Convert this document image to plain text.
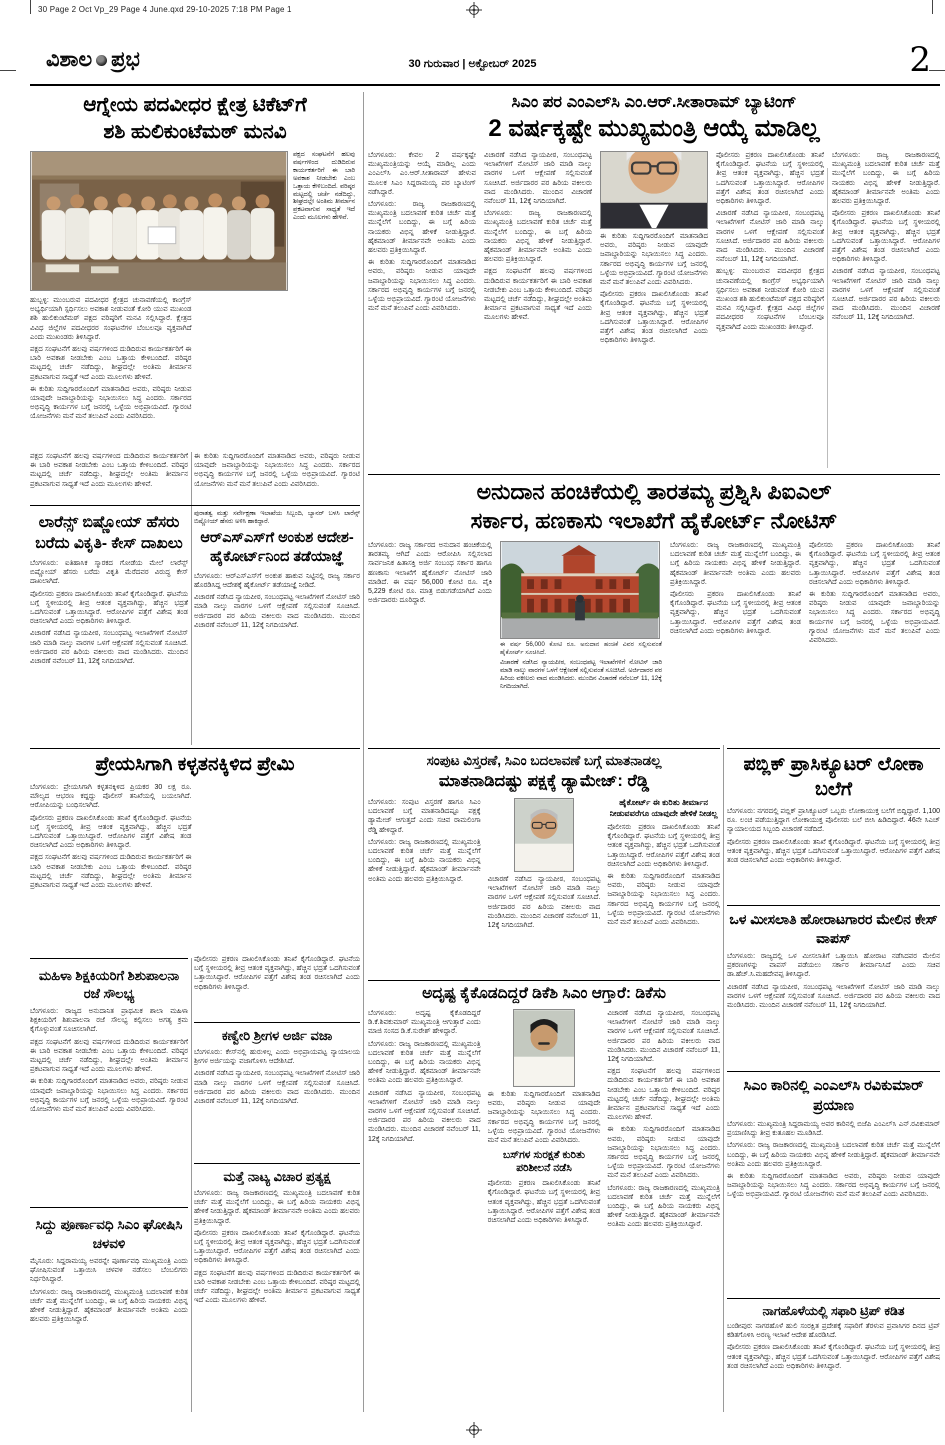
30 Page 2 Oct Vp_29 Page 4 June.qxd 29-10-2025 7:18 PM Page 1
ವಿಶಾಲ ಪ್ರಭ	30 ಗುರುವಾರ | ಅಕ್ಟೋಬರ್ 2025	2
ಆಗ್ನೇಯ ಪದವೀಧರ ಕ್ಷೇತ್ರ ಟಿಕೆಟ್‌ಗೆ
ಶಶಿ ಹುಲಿಕುಂಟೆಮಠ್ ಮನವಿ

ಪಕ್ಷದ ಸಂಘಟನೆಗೆ ಹಲವು ವರ್ಷಗಳಿಂದ ದುಡಿದಿರುವ ಕಾರ್ಯಕರ್ತರಿಗೆ ಈ ಬಾರಿ ಅವಕಾಶ ನೀಡಬೇಕು ಎಂಬ ಒತ್ತಾಯ ಕೇಳಿಬಂದಿದೆ. ವರಿಷ್ಠರ ಮಟ್ಟದಲ್ಲಿ ಚರ್ಚೆ ನಡೆದಿದ್ದು, ಶೀಘ್ರದಲ್ಲೇ ಅಂತಿಮ ತೀರ್ಮಾನ ಪ್ರಕಟವಾಗುವ ಸಾಧ್ಯತೆ ಇದೆ ಎಂದು ಮೂಲಗಳು ಹೇಳಿವೆ.

ಹುಬ್ಬಳ್ಳಿ: ಮುಂಬರುವ ಪದವೀಧರ ಕ್ಷೇತ್ರದ ಚುನಾವಣೆಯಲ್ಲಿ ಕಾಂಗ್ರೆಸ್ ಅಭ್ಯರ್ಥಿಯಾಗಿ ಸ್ಪರ್ಧಿಸಲು ಅವಕಾಶ ನೀಡುವಂತೆ ಕೋರಿ ಯುವ ಮುಖಂಡ ಶಶಿ ಹುಲಿಕುಂಟೆಮಠ್ ಪಕ್ಷದ ವರಿಷ್ಠರಿಗೆ ಮನವಿ ಸಲ್ಲಿಸಿದ್ದಾರೆ. ಕ್ಷೇತ್ರದ ವಿವಿಧ ಜಿಲ್ಲೆಗಳ ಪದವೀಧರರ ಸಂಘಟನೆಗಳ ಬೆಂಬಲವೂ ವ್ಯಕ್ತವಾಗಿದೆ ಎಂದು ಮುಖಂಡರು ತಿಳಿಸಿದ್ದಾರೆ.

ಪಕ್ಷದ ಸಂಘಟನೆಗೆ ಹಲವು ವರ್ಷಗಳಿಂದ ದುಡಿದಿರುವ ಕಾರ್ಯಕರ್ತರಿಗೆ ಈ ಬಾರಿ ಅವಕಾಶ ನೀಡಬೇಕು ಎಂಬ ಒತ್ತಾಯ ಕೇಳಿಬಂದಿದೆ. ವರಿಷ್ಠರ ಮಟ್ಟದಲ್ಲಿ ಚರ್ಚೆ ನಡೆದಿದ್ದು, ಶೀಘ್ರದಲ್ಲೇ ಅಂತಿಮ ತೀರ್ಮಾನ ಪ್ರಕಟವಾಗುವ ಸಾಧ್ಯತೆ ಇದೆ ಎಂದು ಮೂಲಗಳು ಹೇಳಿವೆ.

ಈ ಕುರಿತು ಸುದ್ದಿಗಾರರೊಂದಿಗೆ ಮಾತನಾಡಿದ ಅವರು, ವರಿಷ್ಠರು ನೀಡುವ ಯಾವುದೇ ಜವಾಬ್ದಾರಿಯನ್ನು ನಿಭಾಯಿಸಲು ಸಿದ್ಧ ಎಂದರು. ಸರ್ಕಾರದ ಅಭಿವೃದ್ಧಿ ಕಾರ್ಯಗಳ ಬಗ್ಗೆ ಜನರಲ್ಲಿ ಒಳ್ಳೆಯ ಅಭಿಪ್ರಾಯವಿದೆ. ಗ್ಯಾರಂಟಿ ಯೋಜನೆಗಳು ಮನೆ ಮನೆ ತಲುಪಿವೆ ಎಂದು ವಿವರಿಸಿದರು.

ಸಿಎಂ ಪರ ಎಂಎಲ್‌ಸಿ ಎಂ.ಆರ್.ಸೀತಾರಾಮ್ ಬ್ಯಾಟಿಂಗ್
2 ವರ್ಷಕ್ಕಷ್ಟೇ ಮುಖ್ಯಮಂತ್ರಿ ಆಯ್ಕೆ ಮಾಡಿಲ್ಲ

ಬೆಂಗಳೂರು: ಕೇವಲ 2 ವರ್ಷಕ್ಕಷ್ಟೇ ಮುಖ್ಯಮಂತ್ರಿಯನ್ನು ಆಯ್ಕೆ ಮಾಡಿಲ್ಲ ಎಂದು ಎಂಎಲ್‌ಸಿ ಎಂ.ಆರ್.ಸೀತಾರಾಮ್ ಹೇಳುವ ಮೂಲಕ ಸಿಎಂ ಸಿದ್ದರಾಮಯ್ಯ ಪರ ಬ್ಯಾಟಿಂಗ್ ನಡೆಸಿದ್ದಾರೆ.

ಬೆಂಗಳೂರು: ರಾಜ್ಯ ರಾಜಕಾರಣದಲ್ಲಿ ಮುಖ್ಯಮಂತ್ರಿ ಬದಲಾವಣೆ ಕುರಿತ ಚರ್ಚೆ ಮತ್ತೆ ಮುನ್ನೆಲೆಗೆ ಬಂದಿದ್ದು, ಈ ಬಗ್ಗೆ ಹಿರಿಯ ನಾಯಕರು ವಿಭಿನ್ನ ಹೇಳಿಕೆ ನೀಡುತ್ತಿದ್ದಾರೆ. ಹೈಕಮಾಂಡ್ ತೀರ್ಮಾನವೇ ಅಂತಿಮ ಎಂದು ಹಲವರು ಪ್ರತಿಕ್ರಿಯಿಸಿದ್ದಾರೆ.

ಈ ಕುರಿತು ಸುದ್ದಿಗಾರರೊಂದಿಗೆ ಮಾತನಾಡಿದ ಅವರು, ವರಿಷ್ಠರು ನೀಡುವ ಯಾವುದೇ ಜವಾಬ್ದಾರಿಯನ್ನು ನಿಭಾಯಿಸಲು ಸಿದ್ಧ ಎಂದರು. ಸರ್ಕಾರದ ಅಭಿವೃದ್ಧಿ ಕಾರ್ಯಗಳ ಬಗ್ಗೆ ಜನರಲ್ಲಿ ಒಳ್ಳೆಯ ಅಭಿಪ್ರಾಯವಿದೆ. ಗ್ಯಾರಂಟಿ ಯೋಜನೆಗಳು ಮನೆ ಮನೆ ತಲುಪಿವೆ ಎಂದು ವಿವರಿಸಿದರು.

ವಿಚಾರಣೆ ನಡೆಸಿದ ನ್ಯಾಯಪೀಠ, ಸಂಬಂಧಪಟ್ಟ ಇಲಾಖೆಗಳಿಗೆ ನೋಟಿಸ್ ಜಾರಿ ಮಾಡಿ ನಾಲ್ಕು ವಾರಗಳ ಒಳಗೆ ಆಕ್ಷೇಪಣೆ ಸಲ್ಲಿಸುವಂತೆ ಸೂಚಿಸಿದೆ. ಅರ್ಜಿದಾರರ ಪರ ಹಿರಿಯ ವಕೀಲರು ವಾದ ಮಂಡಿಸಿದರು. ಮುಂದಿನ ವಿಚಾರಣೆ ನವೆಂಬರ್ 11, 12ಕ್ಕೆ ನಿಗದಿಯಾಗಿದೆ.

ಬೆಂಗಳೂರು: ರಾಜ್ಯ ರಾಜಕಾರಣದಲ್ಲಿ ಮುಖ್ಯಮಂತ್ರಿ ಬದಲಾವಣೆ ಕುರಿತ ಚರ್ಚೆ ಮತ್ತೆ ಮುನ್ನೆಲೆಗೆ ಬಂದಿದ್ದು, ಈ ಬಗ್ಗೆ ಹಿರಿಯ ನಾಯಕರು ವಿಭಿನ್ನ ಹೇಳಿಕೆ ನೀಡುತ್ತಿದ್ದಾರೆ. ಹೈಕಮಾಂಡ್ ತೀರ್ಮಾನವೇ ಅಂತಿಮ ಎಂದು ಹಲವರು ಪ್ರತಿಕ್ರಿಯಿಸಿದ್ದಾರೆ.

ಪಕ್ಷದ ಸಂಘಟನೆಗೆ ಹಲವು ವರ್ಷಗಳಿಂದ ದುಡಿದಿರುವ ಕಾರ್ಯಕರ್ತರಿಗೆ ಈ ಬಾರಿ ಅವಕಾಶ ನೀಡಬೇಕು ಎಂಬ ಒತ್ತಾಯ ಕೇಳಿಬಂದಿದೆ. ವರಿಷ್ಠರ ಮಟ್ಟದಲ್ಲಿ ಚರ್ಚೆ ನಡೆದಿದ್ದು, ಶೀಘ್ರದಲ್ಲೇ ಅಂತಿಮ ತೀರ್ಮಾನ ಪ್ರಕಟವಾಗುವ ಸಾಧ್ಯತೆ ಇದೆ ಎಂದು ಮೂಲಗಳು ಹೇಳಿವೆ.

ಈ ಕುರಿತು ಸುದ್ದಿಗಾರರೊಂದಿಗೆ ಮಾತನಾಡಿದ ಅವರು, ವರಿಷ್ಠರು ನೀಡುವ ಯಾವುದೇ ಜವಾಬ್ದಾರಿಯನ್ನು ನಿಭಾಯಿಸಲು ಸಿದ್ಧ ಎಂದರು. ಸರ್ಕಾರದ ಅಭಿವೃದ್ಧಿ ಕಾರ್ಯಗಳ ಬಗ್ಗೆ ಜನರಲ್ಲಿ ಒಳ್ಳೆಯ ಅಭಿಪ್ರಾಯವಿದೆ. ಗ್ಯಾರಂಟಿ ಯೋಜನೆಗಳು ಮನೆ ಮನೆ ತಲುಪಿವೆ ಎಂದು ವಿವರಿಸಿದರು.

ಪೊಲೀಸರು ಪ್ರಕರಣ ದಾಖಲಿಸಿಕೊಂಡು ತನಿಖೆ ಕೈಗೊಂಡಿದ್ದಾರೆ. ಘಟನೆಯ ಬಗ್ಗೆ ಸ್ಥಳೀಯರಲ್ಲಿ ತೀವ್ರ ಆತಂಕ ವ್ಯಕ್ತವಾಗಿದ್ದು, ಹೆಚ್ಚಿನ ಭದ್ರತೆ ಒದಗಿಸುವಂತೆ ಒತ್ತಾಯಿಸಿದ್ದಾರೆ. ಆರೋಪಿಗಳ ಪತ್ತೆಗೆ ವಿಶೇಷ ತಂಡ ರಚಿಸಲಾಗಿದೆ ಎಂದು ಅಧಿಕಾರಿಗಳು ತಿಳಿಸಿದ್ದಾರೆ.

ಪೊಲೀಸರು ಪ್ರಕರಣ ದಾಖಲಿಸಿಕೊಂಡು ತನಿಖೆ ಕೈಗೊಂಡಿದ್ದಾರೆ. ಘಟನೆಯ ಬಗ್ಗೆ ಸ್ಥಳೀಯರಲ್ಲಿ ತೀವ್ರ ಆತಂಕ ವ್ಯಕ್ತವಾಗಿದ್ದು, ಹೆಚ್ಚಿನ ಭದ್ರತೆ ಒದಗಿಸುವಂತೆ ಒತ್ತಾಯಿಸಿದ್ದಾರೆ. ಆರೋಪಿಗಳ ಪತ್ತೆಗೆ ವಿಶೇಷ ತಂಡ ರಚಿಸಲಾಗಿದೆ ಎಂದು ಅಧಿಕಾರಿಗಳು ತಿಳಿಸಿದ್ದಾರೆ.

ವಿಚಾರಣೆ ನಡೆಸಿದ ನ್ಯಾಯಪೀಠ, ಸಂಬಂಧಪಟ್ಟ ಇಲಾಖೆಗಳಿಗೆ ನೋಟಿಸ್ ಜಾರಿ ಮಾಡಿ ನಾಲ್ಕು ವಾರಗಳ ಒಳಗೆ ಆಕ್ಷೇಪಣೆ ಸಲ್ಲಿಸುವಂತೆ ಸೂಚಿಸಿದೆ. ಅರ್ಜಿದಾರರ ಪರ ಹಿರಿಯ ವಕೀಲರು ವಾದ ಮಂಡಿಸಿದರು. ಮುಂದಿನ ವಿಚಾರಣೆ ನವೆಂಬರ್ 11, 12ಕ್ಕೆ ನಿಗದಿಯಾಗಿದೆ.

ಹುಬ್ಬಳ್ಳಿ: ಮುಂಬರುವ ಪದವೀಧರ ಕ್ಷೇತ್ರದ ಚುನಾವಣೆಯಲ್ಲಿ ಕಾಂಗ್ರೆಸ್ ಅಭ್ಯರ್ಥಿಯಾಗಿ ಸ್ಪರ್ಧಿಸಲು ಅವಕಾಶ ನೀಡುವಂತೆ ಕೋರಿ ಯುವ ಮುಖಂಡ ಶಶಿ ಹುಲಿಕುಂಟೆಮಠ್ ಪಕ್ಷದ ವರಿಷ್ಠರಿಗೆ ಮನವಿ ಸಲ್ಲಿಸಿದ್ದಾರೆ. ಕ್ಷೇತ್ರದ ವಿವಿಧ ಜಿಲ್ಲೆಗಳ ಪದವೀಧರರ ಸಂಘಟನೆಗಳ ಬೆಂಬಲವೂ ವ್ಯಕ್ತವಾಗಿದೆ ಎಂದು ಮುಖಂಡರು ತಿಳಿಸಿದ್ದಾರೆ.

ಬೆಂಗಳೂರು: ರಾಜ್ಯ ರಾಜಕಾರಣದಲ್ಲಿ ಮುಖ್ಯಮಂತ್ರಿ ಬದಲಾವಣೆ ಕುರಿತ ಚರ್ಚೆ ಮತ್ತೆ ಮುನ್ನೆಲೆಗೆ ಬಂದಿದ್ದು, ಈ ಬಗ್ಗೆ ಹಿರಿಯ ನಾಯಕರು ವಿಭಿನ್ನ ಹೇಳಿಕೆ ನೀಡುತ್ತಿದ್ದಾರೆ. ಹೈಕಮಾಂಡ್ ತೀರ್ಮಾನವೇ ಅಂತಿಮ ಎಂದು ಹಲವರು ಪ್ರತಿಕ್ರಿಯಿಸಿದ್ದಾರೆ.

ಪೊಲೀಸರು ಪ್ರಕರಣ ದಾಖಲಿಸಿಕೊಂಡು ತನಿಖೆ ಕೈಗೊಂಡಿದ್ದಾರೆ. ಘಟನೆಯ ಬಗ್ಗೆ ಸ್ಥಳೀಯರಲ್ಲಿ ತೀವ್ರ ಆತಂಕ ವ್ಯಕ್ತವಾಗಿದ್ದು, ಹೆಚ್ಚಿನ ಭದ್ರತೆ ಒದಗಿಸುವಂತೆ ಒತ್ತಾಯಿಸಿದ್ದಾರೆ. ಆರೋಪಿಗಳ ಪತ್ತೆಗೆ ವಿಶೇಷ ತಂಡ ರಚಿಸಲಾಗಿದೆ ಎಂದು ಅಧಿಕಾರಿಗಳು ತಿಳಿಸಿದ್ದಾರೆ.

ವಿಚಾರಣೆ ನಡೆಸಿದ ನ್ಯಾಯಪೀಠ, ಸಂಬಂಧಪಟ್ಟ ಇಲಾಖೆಗಳಿಗೆ ನೋಟಿಸ್ ಜಾರಿ ಮಾಡಿ ನಾಲ್ಕು ವಾರಗಳ ಒಳಗೆ ಆಕ್ಷೇಪಣೆ ಸಲ್ಲಿಸುವಂತೆ ಸೂಚಿಸಿದೆ. ಅರ್ಜಿದಾರರ ಪರ ಹಿರಿಯ ವಕೀಲರು ವಾದ ಮಂಡಿಸಿದರು. ಮುಂದಿನ ವಿಚಾರಣೆ ನವೆಂಬರ್ 11, 12ಕ್ಕೆ ನಿಗದಿಯಾಗಿದೆ.

ಪಕ್ಷದ ಸಂಘಟನೆಗೆ ಹಲವು ವರ್ಷಗಳಿಂದ ದುಡಿದಿರುವ ಕಾರ್ಯಕರ್ತರಿಗೆ ಈ ಬಾರಿ ಅವಕಾಶ ನೀಡಬೇಕು ಎಂಬ ಒತ್ತಾಯ ಕೇಳಿಬಂದಿದೆ. ವರಿಷ್ಠರ ಮಟ್ಟದಲ್ಲಿ ಚರ್ಚೆ ನಡೆದಿದ್ದು, ಶೀಘ್ರದಲ್ಲೇ ಅಂತಿಮ ತೀರ್ಮಾನ ಪ್ರಕಟವಾಗುವ ಸಾಧ್ಯತೆ ಇದೆ ಎಂದು ಮೂಲಗಳು ಹೇಳಿವೆ.

ಲಾರೆನ್ಸ್ ಬಿಷ್ಣೋಯ್ ಹೆಸರು ಬರೆದು ವಿಕೃತಿ- ಕೇಸ್ ದಾಖಲು

ಬೆಂಗಳೂರು: ಐತಿಹಾಸಿಕ ಸ್ಮಾರಕದ ಗೋಡೆಯ ಮೇಲೆ ಲಾರೆನ್ಸ್ ಬಿಷ್ಣೋಯ್ ಹೆಸರು ಬರೆದು ವಿಕೃತಿ ಮೆರೆದವರ ವಿರುದ್ಧ ಕೇಸ್ ದಾಖಲಾಗಿದೆ.

ಪೊಲೀಸರು ಪ್ರಕರಣ ದಾಖಲಿಸಿಕೊಂಡು ತನಿಖೆ ಕೈಗೊಂಡಿದ್ದಾರೆ. ಘಟನೆಯ ಬಗ್ಗೆ ಸ್ಥಳೀಯರಲ್ಲಿ ತೀವ್ರ ಆತಂಕ ವ್ಯಕ್ತವಾಗಿದ್ದು, ಹೆಚ್ಚಿನ ಭದ್ರತೆ ಒದಗಿಸುವಂತೆ ಒತ್ತಾಯಿಸಿದ್ದಾರೆ. ಆರೋಪಿಗಳ ಪತ್ತೆಗೆ ವಿಶೇಷ ತಂಡ ರಚಿಸಲಾಗಿದೆ ಎಂದು ಅಧಿಕಾರಿಗಳು ತಿಳಿಸಿದ್ದಾರೆ.

ವಿಚಾರಣೆ ನಡೆಸಿದ ನ್ಯಾಯಪೀಠ, ಸಂಬಂಧಪಟ್ಟ ಇಲಾಖೆಗಳಿಗೆ ನೋಟಿಸ್ ಜಾರಿ ಮಾಡಿ ನಾಲ್ಕು ವಾರಗಳ ಒಳಗೆ ಆಕ್ಷೇಪಣೆ ಸಲ್ಲಿಸುವಂತೆ ಸೂಚಿಸಿದೆ. ಅರ್ಜಿದಾರರ ಪರ ಹಿರಿಯ ವಕೀಲರು ವಾದ ಮಂಡಿಸಿದರು. ಮುಂದಿನ ವಿಚಾರಣೆ ನವೆಂಬರ್ 11, 12ಕ್ಕೆ ನಿಗದಿಯಾಗಿದೆ.

ಈ ಕುರಿತು ಸುದ್ದಿಗಾರರೊಂದಿಗೆ ಮಾತನಾಡಿದ ಅವರು, ವರಿಷ್ಠರು ನೀಡುವ ಯಾವುದೇ ಜವಾಬ್ದಾರಿಯನ್ನು ನಿಭಾಯಿಸಲು ಸಿದ್ಧ ಎಂದರು. ಸರ್ಕಾರದ ಅಭಿವೃದ್ಧಿ ಕಾರ್ಯಗಳ ಬಗ್ಗೆ ಜನರಲ್ಲಿ ಒಳ್ಳೆಯ ಅಭಿಪ್ರಾಯವಿದೆ. ಗ್ಯಾರಂಟಿ ಯೋಜನೆಗಳು ಮನೆ ಮನೆ ತಲುಪಿವೆ ಎಂದು ವಿವರಿಸಿದರು.

ಪುರಾತತ್ವ ಮತ್ತು ಸರ್ವೇಕ್ಷಣಾ ಇಲಾಖೆಯ ಸಿಬ್ಬಂದಿ, ಬ್ಯಾನರ್ ಬಳಸಿ ಲಾರೆನ್ಸ್ ಬಿಷ್ಣೋಯ್ ಹೆಸರು ಅಳಿಸಿ ಹಾಕಿದ್ದಾರೆ.

ಆರ್‌ಎಸ್‌ಎಸ್‌ಗೆ ಅಂಕುಶ ಆದೇಶ- ಹೈಕೋರ್ಟ್‌ನಿಂದ ತಡೆಯಾಜ್ಞೆ

ಬೆಂಗಳೂರು: ಆರ್‌ಎಸ್‌ಎಸ್‌ಗೆ ಅಂಕುಶ ಹಾಕುವ ನಿಟ್ಟಿನಲ್ಲಿ ರಾಜ್ಯ ಸರ್ಕಾರ ಹೊರಡಿಸಿದ್ದ ಆದೇಶಕ್ಕೆ ಹೈಕೋರ್ಟ್ ತಡೆಯಾಜ್ಞೆ ನೀಡಿದೆ.

ವಿಚಾರಣೆ ನಡೆಸಿದ ನ್ಯಾಯಪೀಠ, ಸಂಬಂಧಪಟ್ಟ ಇಲಾಖೆಗಳಿಗೆ ನೋಟಿಸ್ ಜಾರಿ ಮಾಡಿ ನಾಲ್ಕು ವಾರಗಳ ಒಳಗೆ ಆಕ್ಷೇಪಣೆ ಸಲ್ಲಿಸುವಂತೆ ಸೂಚಿಸಿದೆ. ಅರ್ಜಿದಾರರ ಪರ ಹಿರಿಯ ವಕೀಲರು ವಾದ ಮಂಡಿಸಿದರು. ಮುಂದಿನ ವಿಚಾರಣೆ ನವೆಂಬರ್ 11, 12ಕ್ಕೆ ನಿಗದಿಯಾಗಿದೆ.

ಅನುದಾನ ಹಂಚಿಕೆಯಲ್ಲಿ ತಾರತಮ್ಯ ಪ್ರಶ್ನಿಸಿ ಪಿಐಎಲ್
ಸರ್ಕಾರ, ಹಣಕಾಸು ಇಲಾಖೆಗೆ ಹೈಕೋರ್ಟ್ ನೋಟಿಸ್

ಬೆಂಗಳೂರು: ರಾಜ್ಯ ಸರ್ಕಾರದ ಅನುದಾನ ಹಂಚಿಕೆಯಲ್ಲಿ ತಾರತಮ್ಯ ಆಗಿದೆ ಎಂದು ಆರೋಪಿಸಿ ಸಲ್ಲಿಸಲಾದ ಸಾರ್ವಜನಿಕ ಹಿತಾಸಕ್ತಿ ಅರ್ಜಿ ಸಂಬಂಧ ಸರ್ಕಾರ ಹಾಗೂ ಹಣಕಾಸು ಇಲಾಖೆಗೆ ಹೈಕೋರ್ಟ್ ನೋಟಿಸ್ ಜಾರಿ ಮಾಡಿದೆ. ಈ ವರ್ಷ 56,000 ಕೋಟಿ ರೂ. ಪೈಕಿ 5,229 ಕೋಟಿ ರೂ. ಮಾತ್ರ ಬಿಡುಗಡೆಯಾಗಿದೆ ಎಂದು ಅರ್ಜಿದಾರರು ದೂರಿದ್ದಾರೆ.

ಈ ವರ್ಷ 56,000 ಕೋಟಿ ರೂ. ಅನುದಾನ ಹಂಚಿಕೆ ವಿವರ ಸಲ್ಲಿಸುವಂತೆ ಹೈಕೋರ್ಟ್ ಸೂಚಿಸಿದೆ.

ವಿಚಾರಣೆ ನಡೆಸಿದ ನ್ಯಾಯಪೀಠ, ಸಂಬಂಧಪಟ್ಟ ಇಲಾಖೆಗಳಿಗೆ ನೋಟಿಸ್ ಜಾರಿ ಮಾಡಿ ನಾಲ್ಕು ವಾರಗಳ ಒಳಗೆ ಆಕ್ಷೇಪಣೆ ಸಲ್ಲಿಸುವಂತೆ ಸೂಚಿಸಿದೆ. ಅರ್ಜಿದಾರರ ಪರ ಹಿರಿಯ ವಕೀಲರು ವಾದ ಮಂಡಿಸಿದರು. ಮುಂದಿನ ವಿಚಾರಣೆ ನವೆಂಬರ್ 11, 12ಕ್ಕೆ ನಿಗದಿಯಾಗಿದೆ.

ಬೆಂಗಳೂರು: ರಾಜ್ಯ ರಾಜಕಾರಣದಲ್ಲಿ ಮುಖ್ಯಮಂತ್ರಿ ಬದಲಾವಣೆ ಕುರಿತ ಚರ್ಚೆ ಮತ್ತೆ ಮುನ್ನೆಲೆಗೆ ಬಂದಿದ್ದು, ಈ ಬಗ್ಗೆ ಹಿರಿಯ ನಾಯಕರು ವಿಭಿನ್ನ ಹೇಳಿಕೆ ನೀಡುತ್ತಿದ್ದಾರೆ. ಹೈಕಮಾಂಡ್ ತೀರ್ಮಾನವೇ ಅಂತಿಮ ಎಂದು ಹಲವರು ಪ್ರತಿಕ್ರಿಯಿಸಿದ್ದಾರೆ.

ಪೊಲೀಸರು ಪ್ರಕರಣ ದಾಖಲಿಸಿಕೊಂಡು ತನಿಖೆ ಕೈಗೊಂಡಿದ್ದಾರೆ. ಘಟನೆಯ ಬಗ್ಗೆ ಸ್ಥಳೀಯರಲ್ಲಿ ತೀವ್ರ ಆತಂಕ ವ್ಯಕ್ತವಾಗಿದ್ದು, ಹೆಚ್ಚಿನ ಭದ್ರತೆ ಒದಗಿಸುವಂತೆ ಒತ್ತಾಯಿಸಿದ್ದಾರೆ. ಆರೋಪಿಗಳ ಪತ್ತೆಗೆ ವಿಶೇಷ ತಂಡ ರಚಿಸಲಾಗಿದೆ ಎಂದು ಅಧಿಕಾರಿಗಳು ತಿಳಿಸಿದ್ದಾರೆ.

ಪೊಲೀಸರು ಪ್ರಕರಣ ದಾಖಲಿಸಿಕೊಂಡು ತನಿಖೆ ಕೈಗೊಂಡಿದ್ದಾರೆ. ಘಟನೆಯ ಬಗ್ಗೆ ಸ್ಥಳೀಯರಲ್ಲಿ ತೀವ್ರ ಆತಂಕ ವ್ಯಕ್ತವಾಗಿದ್ದು, ಹೆಚ್ಚಿನ ಭದ್ರತೆ ಒದಗಿಸುವಂತೆ ಒತ್ತಾಯಿಸಿದ್ದಾರೆ. ಆರೋಪಿಗಳ ಪತ್ತೆಗೆ ವಿಶೇಷ ತಂಡ ರಚಿಸಲಾಗಿದೆ ಎಂದು ಅಧಿಕಾರಿಗಳು ತಿಳಿಸಿದ್ದಾರೆ.

ಈ ಕುರಿತು ಸುದ್ದಿಗಾರರೊಂದಿಗೆ ಮಾತನಾಡಿದ ಅವರು, ವರಿಷ್ಠರು ನೀಡುವ ಯಾವುದೇ ಜವಾಬ್ದಾರಿಯನ್ನು ನಿಭಾಯಿಸಲು ಸಿದ್ಧ ಎಂದರು. ಸರ್ಕಾರದ ಅಭಿವೃದ್ಧಿ ಕಾರ್ಯಗಳ ಬಗ್ಗೆ ಜನರಲ್ಲಿ ಒಳ್ಳೆಯ ಅಭಿಪ್ರಾಯವಿದೆ. ಗ್ಯಾರಂಟಿ ಯೋಜನೆಗಳು ಮನೆ ಮನೆ ತಲುಪಿವೆ ಎಂದು ವಿವರಿಸಿದರು.

ಪ್ರೇಯಸಿಗಾಗಿ ಕಳ್ಳತನಕ್ಕಿಳಿದ ಪ್ರೇಮಿ

ಬೆಂಗಳೂರು: ಪ್ರೇಯಸಿಗಾಗಿ ಕಳ್ಳತನಕ್ಕಿಳಿದ ಪ್ರಿಯಕರ 30 ಲಕ್ಷ ರೂ. ಮೌಲ್ಯದ ಆಭರಣ ಕದ್ದದ್ದು ಪೊಲೀಸ್ ತನಿಖೆಯಲ್ಲಿ ಬಯಲಾಗಿದೆ. ಆರೋಪಿಯನ್ನು ಬಂಧಿಸಲಾಗಿದೆ.

ಪೊಲೀಸರು ಪ್ರಕರಣ ದಾಖಲಿಸಿಕೊಂಡು ತನಿಖೆ ಕೈಗೊಂಡಿದ್ದಾರೆ. ಘಟನೆಯ ಬಗ್ಗೆ ಸ್ಥಳೀಯರಲ್ಲಿ ತೀವ್ರ ಆತಂಕ ವ್ಯಕ್ತವಾಗಿದ್ದು, ಹೆಚ್ಚಿನ ಭದ್ರತೆ ಒದಗಿಸುವಂತೆ ಒತ್ತಾಯಿಸಿದ್ದಾರೆ. ಆರೋಪಿಗಳ ಪತ್ತೆಗೆ ವಿಶೇಷ ತಂಡ ರಚಿಸಲಾಗಿದೆ ಎಂದು ಅಧಿಕಾರಿಗಳು ತಿಳಿಸಿದ್ದಾರೆ.

ಪಕ್ಷದ ಸಂಘಟನೆಗೆ ಹಲವು ವರ್ಷಗಳಿಂದ ದುಡಿದಿರುವ ಕಾರ್ಯಕರ್ತರಿಗೆ ಈ ಬಾರಿ ಅವಕಾಶ ನೀಡಬೇಕು ಎಂಬ ಒತ್ತಾಯ ಕೇಳಿಬಂದಿದೆ. ವರಿಷ್ಠರ ಮಟ್ಟದಲ್ಲಿ ಚರ್ಚೆ ನಡೆದಿದ್ದು, ಶೀಘ್ರದಲ್ಲೇ ಅಂತಿಮ ತೀರ್ಮಾನ ಪ್ರಕಟವಾಗುವ ಸಾಧ್ಯತೆ ಇದೆ ಎಂದು ಮೂಲಗಳು ಹೇಳಿವೆ.

ಸಂಪುಟ ವಿಸ್ತರಣೆ, ಸಿಎಂ ಬದಲಾವಣೆ ಬಗ್ಗೆ ಮಾತನಾಡಲ್ಲ
ಮಾತನಾಡಿದಷ್ಟು ಪಕ್ಷಕ್ಕೆ ಡ್ಯಾಮೇಜ್: ರೆಡ್ಡಿ

ಬೆಂಗಳೂರು: ಸಂಪುಟ ವಿಸ್ತರಣೆ ಹಾಗೂ ಸಿಎಂ ಬದಲಾವಣೆ ಬಗ್ಗೆ ಮಾತನಾಡಿದಷ್ಟೂ ಪಕ್ಷಕ್ಕೆ ಡ್ಯಾಮೇಜ್ ಆಗುತ್ತದೆ ಎಂದು ಸಚಿವ ರಾಮಲಿಂಗಾ ರೆಡ್ಡಿ ಹೇಳಿದ್ದಾರೆ.

ಬೆಂಗಳೂರು: ರಾಜ್ಯ ರಾಜಕಾರಣದಲ್ಲಿ ಮುಖ್ಯಮಂತ್ರಿ ಬದಲಾವಣೆ ಕುರಿತ ಚರ್ಚೆ ಮತ್ತೆ ಮುನ್ನೆಲೆಗೆ ಬಂದಿದ್ದು, ಈ ಬಗ್ಗೆ ಹಿರಿಯ ನಾಯಕರು ವಿಭಿನ್ನ ಹೇಳಿಕೆ ನೀಡುತ್ತಿದ್ದಾರೆ. ಹೈಕಮಾಂಡ್ ತೀರ್ಮಾನವೇ ಅಂತಿಮ ಎಂದು ಹಲವರು ಪ್ರತಿಕ್ರಿಯಿಸಿದ್ದಾರೆ.	ವಿಚಾರಣೆ ನಡೆಸಿದ ನ್ಯಾಯಪೀಠ, ಸಂಬಂಧಪಟ್ಟ ಇಲಾಖೆಗಳಿಗೆ ನೋಟಿಸ್ ಜಾರಿ ಮಾಡಿ ನಾಲ್ಕು ವಾರಗಳ ಒಳಗೆ ಆಕ್ಷೇಪಣೆ ಸಲ್ಲಿಸುವಂತೆ ಸೂಚಿಸಿದೆ. ಅರ್ಜಿದಾರರ ಪರ ಹಿರಿಯ ವಕೀಲರು ವಾದ ಮಂಡಿಸಿದರು. ಮುಂದಿನ ವಿಚಾರಣೆ ನವೆಂಬರ್ 11, 12ಕ್ಕೆ ನಿಗದಿಯಾಗಿದೆ.

ಹೈಕೋರ್ಟ್ ಈ ಕುರಿತು ತೀರ್ಮಾನ ನೀಡುವವರೆಗೂ ಯಾವುದೇ ಹೇಳಿಕೆ ನೀಡಲ್ಲ

ಪೊಲೀಸರು ಪ್ರಕರಣ ದಾಖಲಿಸಿಕೊಂಡು ತನಿಖೆ ಕೈಗೊಂಡಿದ್ದಾರೆ. ಘಟನೆಯ ಬಗ್ಗೆ ಸ್ಥಳೀಯರಲ್ಲಿ ತೀವ್ರ ಆತಂಕ ವ್ಯಕ್ತವಾಗಿದ್ದು, ಹೆಚ್ಚಿನ ಭದ್ರತೆ ಒದಗಿಸುವಂತೆ ಒತ್ತಾಯಿಸಿದ್ದಾರೆ. ಆರೋಪಿಗಳ ಪತ್ತೆಗೆ ವಿಶೇಷ ತಂಡ ರಚಿಸಲಾಗಿದೆ ಎಂದು ಅಧಿಕಾರಿಗಳು ತಿಳಿಸಿದ್ದಾರೆ.

ಈ ಕುರಿತು ಸುದ್ದಿಗಾರರೊಂದಿಗೆ ಮಾತನಾಡಿದ ಅವರು, ವರಿಷ್ಠರು ನೀಡುವ ಯಾವುದೇ ಜವಾಬ್ದಾರಿಯನ್ನು ನಿಭಾಯಿಸಲು ಸಿದ್ಧ ಎಂದರು. ಸರ್ಕಾರದ ಅಭಿವೃದ್ಧಿ ಕಾರ್ಯಗಳ ಬಗ್ಗೆ ಜನರಲ್ಲಿ ಒಳ್ಳೆಯ ಅಭಿಪ್ರಾಯವಿದೆ. ಗ್ಯಾರಂಟಿ ಯೋಜನೆಗಳು ಮನೆ ಮನೆ ತಲುಪಿವೆ ಎಂದು ವಿವರಿಸಿದರು.

ಪಬ್ಲಿಕ್ ಪ್ರಾಸಿಕ್ಯೂಟರ್ ಲೋಕಾ ಬಲೆಗೆ

ಬೆಂಗಳೂರು: ನಗರದಲ್ಲಿ ಪಬ್ಲಿಕ್ ಪ್ರಾಸಿಕ್ಯೂಟರ್ ಒಬ್ಬರು ಲೋಕಾಯುಕ್ತ ಬಲೆಗೆ ಬಿದ್ದಿದ್ದಾರೆ. 1,100 ರೂ. ಲಂಚ ಪಡೆಯುತ್ತಿದ್ದಾಗ ಲೋಕಾಯುಕ್ತ ಪೊಲೀಸರು ಬಲೆ ಬೀಸಿ ಹಿಡಿದಿದ್ದಾರೆ. 46ನೇ ಸಿಎಚ್ ನ್ಯಾಯಾಲಯದ ಸಿಬ್ಬಂದಿ ವಿಚಾರಣೆ ನಡೆದಿದೆ.

ಪೊಲೀಸರು ಪ್ರಕರಣ ದಾಖಲಿಸಿಕೊಂಡು ತನಿಖೆ ಕೈಗೊಂಡಿದ್ದಾರೆ. ಘಟನೆಯ ಬಗ್ಗೆ ಸ್ಥಳೀಯರಲ್ಲಿ ತೀವ್ರ ಆತಂಕ ವ್ಯಕ್ತವಾಗಿದ್ದು, ಹೆಚ್ಚಿನ ಭದ್ರತೆ ಒದಗಿಸುವಂತೆ ಒತ್ತಾಯಿಸಿದ್ದಾರೆ. ಆರೋಪಿಗಳ ಪತ್ತೆಗೆ ವಿಶೇಷ ತಂಡ ರಚಿಸಲಾಗಿದೆ ಎಂದು ಅಧಿಕಾರಿಗಳು ತಿಳಿಸಿದ್ದಾರೆ.

ಒಳ ಮೀಸಲಾತಿ ಹೋರಾಟಗಾರರ ಮೇಲಿನ ಕೇಸ್ ವಾಪಸ್

ಬೆಂಗಳೂರು: ರಾಜ್ಯದಲ್ಲಿ ಒಳ ಮೀಸಲಾತಿಗೆ ಒತ್ತಾಯಿಸಿ ಹೋರಾಟ ನಡೆಸಿದವರ ಮೇಲಿನ ಪ್ರಕರಣಗಳನ್ನು ವಾಪಸ್ ಪಡೆಯಲು ಸರ್ಕಾರ ತೀರ್ಮಾನಿಸಿದೆ ಎಂದು ಸಚಿವ ಡಾ.ಹೆಚ್.ಸಿ.ಮಹದೇವಪ್ಪ ತಿಳಿಸಿದ್ದಾರೆ.

ವಿಚಾರಣೆ ನಡೆಸಿದ ನ್ಯಾಯಪೀಠ, ಸಂಬಂಧಪಟ್ಟ ಇಲಾಖೆಗಳಿಗೆ ನೋಟಿಸ್ ಜಾರಿ ಮಾಡಿ ನಾಲ್ಕು ವಾರಗಳ ಒಳಗೆ ಆಕ್ಷೇಪಣೆ ಸಲ್ಲಿಸುವಂತೆ ಸೂಚಿಸಿದೆ. ಅರ್ಜಿದಾರರ ಪರ ಹಿರಿಯ ವಕೀಲರು ವಾದ ಮಂಡಿಸಿದರು. ಮುಂದಿನ ವಿಚಾರಣೆ ನವೆಂಬರ್ 11, 12ಕ್ಕೆ ನಿಗದಿಯಾಗಿದೆ.

ಸಿಎಂ ಕಾರಿನಲ್ಲಿ ಎಂಎಲ್‌ಸಿ ರವಿಕುಮಾರ್ ಪ್ರಯಾಣ

ಬೆಂಗಳೂರು: ಮುಖ್ಯಮಂತ್ರಿ ಸಿದ್ದರಾಮಯ್ಯ ಅವರ ಕಾರಿನಲ್ಲಿ ಬಿಜೆಪಿ ಎಂಎಲ್‌ಸಿ ಎನ್.ರವಿಕುಮಾರ್ ಪ್ರಯಾಣಿಸಿದ್ದು ತೀವ್ರ ಕುತೂಹಲ ಮೂಡಿಸಿದೆ.

ಬೆಂಗಳೂರು: ರಾಜ್ಯ ರಾಜಕಾರಣದಲ್ಲಿ ಮುಖ್ಯಮಂತ್ರಿ ಬದಲಾವಣೆ ಕುರಿತ ಚರ್ಚೆ ಮತ್ತೆ ಮುನ್ನೆಲೆಗೆ ಬಂದಿದ್ದು, ಈ ಬಗ್ಗೆ ಹಿರಿಯ ನಾಯಕರು ವಿಭಿನ್ನ ಹೇಳಿಕೆ ನೀಡುತ್ತಿದ್ದಾರೆ. ಹೈಕಮಾಂಡ್ ತೀರ್ಮಾನವೇ ಅಂತಿಮ ಎಂದು ಹಲವರು ಪ್ರತಿಕ್ರಿಯಿಸಿದ್ದಾರೆ.

ಈ ಕುರಿತು ಸುದ್ದಿಗಾರರೊಂದಿಗೆ ಮಾತನಾಡಿದ ಅವರು, ವರಿಷ್ಠರು ನೀಡುವ ಯಾವುದೇ ಜವಾಬ್ದಾರಿಯನ್ನು ನಿಭಾಯಿಸಲು ಸಿದ್ಧ ಎಂದರು. ಸರ್ಕಾರದ ಅಭಿವೃದ್ಧಿ ಕಾರ್ಯಗಳ ಬಗ್ಗೆ ಜನರಲ್ಲಿ ಒಳ್ಳೆಯ ಅಭಿಪ್ರಾಯವಿದೆ. ಗ್ಯಾರಂಟಿ ಯೋಜನೆಗಳು ಮನೆ ಮನೆ ತಲುಪಿವೆ ಎಂದು ವಿವರಿಸಿದರು.

ನಾಗಹೊಳೆಯಲ್ಲಿ ಸಫಾರಿ ಟ್ರಿಪ್ ಕಡಿತ

ಬಂಡೀಪುರ: ನಾಗರಹೊಳೆ ಹುಲಿ ಸಂರಕ್ಷಿತ ಪ್ರದೇಶಕ್ಕೆ ಸಫಾರಿಗೆ ತೆರಳುವ ಪ್ರವಾಸಿಗರ ದಿನದ ಟ್ರಿಪ್ ಕಡಿತಗೊಳಿಸಿ ಅರಣ್ಯ ಇಲಾಖೆ ಆದೇಶ ಹೊರಡಿಸಿದೆ.

ಪೊಲೀಸರು ಪ್ರಕರಣ ದಾಖಲಿಸಿಕೊಂಡು ತನಿಖೆ ಕೈಗೊಂಡಿದ್ದಾರೆ. ಘಟನೆಯ ಬಗ್ಗೆ ಸ್ಥಳೀಯರಲ್ಲಿ ತೀವ್ರ ಆತಂಕ ವ್ಯಕ್ತವಾಗಿದ್ದು, ಹೆಚ್ಚಿನ ಭದ್ರತೆ ಒದಗಿಸುವಂತೆ ಒತ್ತಾಯಿಸಿದ್ದಾರೆ. ಆರೋಪಿಗಳ ಪತ್ತೆಗೆ ವಿಶೇಷ ತಂಡ ರಚಿಸಲಾಗಿದೆ ಎಂದು ಅಧಿಕಾರಿಗಳು ತಿಳಿಸಿದ್ದಾರೆ.

ಮಹಿಳಾ ಶಿಕ್ಷಕಿಯರಿಗೆ ಶಿಶುಪಾಲನಾ ರಜೆ ಸೌಲಭ್ಯ

ಬೆಂಗಳೂರು: ರಾಜ್ಯದ ಅನುದಾನಿತ ಪ್ರಾಥಮಿಕ ಶಾಲಾ ಮಹಿಳಾ ಶಿಕ್ಷಕಿಯರಿಗೆ ಶಿಶುಪಾಲನಾ ರಜೆ ಸೌಲಭ್ಯ ಕಲ್ಪಿಸಲು ಅಗತ್ಯ ಕ್ರಮ ಕೈಗೊಳ್ಳುವಂತೆ ಸೂಚಿಸಲಾಗಿದೆ.

ಪಕ್ಷದ ಸಂಘಟನೆಗೆ ಹಲವು ವರ್ಷಗಳಿಂದ ದುಡಿದಿರುವ ಕಾರ್ಯಕರ್ತರಿಗೆ ಈ ಬಾರಿ ಅವಕಾಶ ನೀಡಬೇಕು ಎಂಬ ಒತ್ತಾಯ ಕೇಳಿಬಂದಿದೆ. ವರಿಷ್ಠರ ಮಟ್ಟದಲ್ಲಿ ಚರ್ಚೆ ನಡೆದಿದ್ದು, ಶೀಘ್ರದಲ್ಲೇ ಅಂತಿಮ ತೀರ್ಮಾನ ಪ್ರಕಟವಾಗುವ ಸಾಧ್ಯತೆ ಇದೆ ಎಂದು ಮೂಲಗಳು ಹೇಳಿವೆ.

ಈ ಕುರಿತು ಸುದ್ದಿಗಾರರೊಂದಿಗೆ ಮಾತನಾಡಿದ ಅವರು, ವರಿಷ್ಠರು ನೀಡುವ ಯಾವುದೇ ಜವಾಬ್ದಾರಿಯನ್ನು ನಿಭಾಯಿಸಲು ಸಿದ್ಧ ಎಂದರು. ಸರ್ಕಾರದ ಅಭಿವೃದ್ಧಿ ಕಾರ್ಯಗಳ ಬಗ್ಗೆ ಜನರಲ್ಲಿ ಒಳ್ಳೆಯ ಅಭಿಪ್ರಾಯವಿದೆ. ಗ್ಯಾರಂಟಿ ಯೋಜನೆಗಳು ಮನೆ ಮನೆ ತಲುಪಿವೆ ಎಂದು ವಿವರಿಸಿದರು.

ಸಿದ್ದು ಪೂರ್ಣಾವಧಿ ಸಿಎಂ ಘೋಷಿಸಿ ಚಳವಳಿ

ಮೈಸೂರು: ಸಿದ್ದರಾಮಯ್ಯ ಅವರನ್ನೇ ಪೂರ್ಣಾವಧಿ ಮುಖ್ಯಮಂತ್ರಿ ಎಂದು ಘೋಷಿಸುವಂತೆ ಒತ್ತಾಯಿಸಿ ಚಳವಳಿ ನಡೆಸಲು ಬೆಂಬಲಿಗರು ನಿರ್ಧರಿಸಿದ್ದಾರೆ.

ಬೆಂಗಳೂರು: ರಾಜ್ಯ ರಾಜಕಾರಣದಲ್ಲಿ ಮುಖ್ಯಮಂತ್ರಿ ಬದಲಾವಣೆ ಕುರಿತ ಚರ್ಚೆ ಮತ್ತೆ ಮುನ್ನೆಲೆಗೆ ಬಂದಿದ್ದು, ಈ ಬಗ್ಗೆ ಹಿರಿಯ ನಾಯಕರು ವಿಭಿನ್ನ ಹೇಳಿಕೆ ನೀಡುತ್ತಿದ್ದಾರೆ. ಹೈಕಮಾಂಡ್ ತೀರ್ಮಾನವೇ ಅಂತಿಮ ಎಂದು ಹಲವರು ಪ್ರತಿಕ್ರಿಯಿಸಿದ್ದಾರೆ.

ಪೊಲೀಸರು ಪ್ರಕರಣ ದಾಖಲಿಸಿಕೊಂಡು ತನಿಖೆ ಕೈಗೊಂಡಿದ್ದಾರೆ. ಘಟನೆಯ ಬಗ್ಗೆ ಸ್ಥಳೀಯರಲ್ಲಿ ತೀವ್ರ ಆತಂಕ ವ್ಯಕ್ತವಾಗಿದ್ದು, ಹೆಚ್ಚಿನ ಭದ್ರತೆ ಒದಗಿಸುವಂತೆ ಒತ್ತಾಯಿಸಿದ್ದಾರೆ. ಆರೋಪಿಗಳ ಪತ್ತೆಗೆ ವಿಶೇಷ ತಂಡ ರಚಿಸಲಾಗಿದೆ ಎಂದು ಅಧಿಕಾರಿಗಳು ತಿಳಿಸಿದ್ದಾರೆ.

ಕಣ್ವೇರಿ ಶ್ರೀಗಳ ಅರ್ಜಿ ವಜಾ

ಬೆಂಗಳೂರು: ಕೇಸ್‌ನಲ್ಲಿ ಹುರುಳಿಲ್ಲ ಎಂದು ಅಭಿಪ್ರಾಯಪಟ್ಟ ನ್ಯಾಯಾಲಯ ಶ್ರೀಗಳ ಅರ್ಜಿಯನ್ನು ವಜಾಗೊಳಿಸಿ ಆದೇಶಿಸಿದೆ.

ವಿಚಾರಣೆ ನಡೆಸಿದ ನ್ಯಾಯಪೀಠ, ಸಂಬಂಧಪಟ್ಟ ಇಲಾಖೆಗಳಿಗೆ ನೋಟಿಸ್ ಜಾರಿ ಮಾಡಿ ನಾಲ್ಕು ವಾರಗಳ ಒಳಗೆ ಆಕ್ಷೇಪಣೆ ಸಲ್ಲಿಸುವಂತೆ ಸೂಚಿಸಿದೆ. ಅರ್ಜಿದಾರರ ಪರ ಹಿರಿಯ ವಕೀಲರು ವಾದ ಮಂಡಿಸಿದರು. ಮುಂದಿನ ವಿಚಾರಣೆ ನವೆಂಬರ್ 11, 12ಕ್ಕೆ ನಿಗದಿಯಾಗಿದೆ.

ಮತ್ತೆ ನಾಟ್ಯ ವಿಚಾರ ಪ್ರತ್ಯಕ್ಷ

ಬೆಂಗಳೂರು: ರಾಜ್ಯ ರಾಜಕಾರಣದಲ್ಲಿ ಮುಖ್ಯಮಂತ್ರಿ ಬದಲಾವಣೆ ಕುರಿತ ಚರ್ಚೆ ಮತ್ತೆ ಮುನ್ನೆಲೆಗೆ ಬಂದಿದ್ದು, ಈ ಬಗ್ಗೆ ಹಿರಿಯ ನಾಯಕರು ವಿಭಿನ್ನ ಹೇಳಿಕೆ ನೀಡುತ್ತಿದ್ದಾರೆ. ಹೈಕಮಾಂಡ್ ತೀರ್ಮಾನವೇ ಅಂತಿಮ ಎಂದು ಹಲವರು ಪ್ರತಿಕ್ರಿಯಿಸಿದ್ದಾರೆ.

ಪೊಲೀಸರು ಪ್ರಕರಣ ದಾಖಲಿಸಿಕೊಂಡು ತನಿಖೆ ಕೈಗೊಂಡಿದ್ದಾರೆ. ಘಟನೆಯ ಬಗ್ಗೆ ಸ್ಥಳೀಯರಲ್ಲಿ ತೀವ್ರ ಆತಂಕ ವ್ಯಕ್ತವಾಗಿದ್ದು, ಹೆಚ್ಚಿನ ಭದ್ರತೆ ಒದಗಿಸುವಂತೆ ಒತ್ತಾಯಿಸಿದ್ದಾರೆ. ಆರೋಪಿಗಳ ಪತ್ತೆಗೆ ವಿಶೇಷ ತಂಡ ರಚಿಸಲಾಗಿದೆ ಎಂದು ಅಧಿಕಾರಿಗಳು ತಿಳಿಸಿದ್ದಾರೆ.

ಪಕ್ಷದ ಸಂಘಟನೆಗೆ ಹಲವು ವರ್ಷಗಳಿಂದ ದುಡಿದಿರುವ ಕಾರ್ಯಕರ್ತರಿಗೆ ಈ ಬಾರಿ ಅವಕಾಶ ನೀಡಬೇಕು ಎಂಬ ಒತ್ತಾಯ ಕೇಳಿಬಂದಿದೆ. ವರಿಷ್ಠರ ಮಟ್ಟದಲ್ಲಿ ಚರ್ಚೆ ನಡೆದಿದ್ದು, ಶೀಘ್ರದಲ್ಲೇ ಅಂತಿಮ ತೀರ್ಮಾನ ಪ್ರಕಟವಾಗುವ ಸಾಧ್ಯತೆ ಇದೆ ಎಂದು ಮೂಲಗಳು ಹೇಳಿವೆ.

ಅದೃಷ್ಟ ಕೈಕೊಡದಿದ್ದರೆ ಡಿಕೆಶಿ ಸಿಎಂ ಆಗ್ತಾರೆ: ಡಿಕೆಸು

ಬೆಂಗಳೂರು: ಅದೃಷ್ಟ ಕೈಕೊಡದಿದ್ದರೆ ಡಿ.ಕೆ.ಶಿವಕುಮಾರ್ ಮುಖ್ಯಮಂತ್ರಿ ಆಗುತ್ತಾರೆ ಎಂದು ಮಾಜಿ ಸಂಸದ ಡಿ.ಕೆ.ಸುರೇಶ್ ಹೇಳಿದ್ದಾರೆ.

ಬೆಂಗಳೂರು: ರಾಜ್ಯ ರಾಜಕಾರಣದಲ್ಲಿ ಮುಖ್ಯಮಂತ್ರಿ ಬದಲಾವಣೆ ಕುರಿತ ಚರ್ಚೆ ಮತ್ತೆ ಮುನ್ನೆಲೆಗೆ ಬಂದಿದ್ದು, ಈ ಬಗ್ಗೆ ಹಿರಿಯ ನಾಯಕರು ವಿಭಿನ್ನ ಹೇಳಿಕೆ ನೀಡುತ್ತಿದ್ದಾರೆ. ಹೈಕಮಾಂಡ್ ತೀರ್ಮಾನವೇ ಅಂತಿಮ ಎಂದು ಹಲವರು ಪ್ರತಿಕ್ರಿಯಿಸಿದ್ದಾರೆ.

ವಿಚಾರಣೆ ನಡೆಸಿದ ನ್ಯಾಯಪೀಠ, ಸಂಬಂಧಪಟ್ಟ ಇಲಾಖೆಗಳಿಗೆ ನೋಟಿಸ್ ಜಾರಿ ಮಾಡಿ ನಾಲ್ಕು ವಾರಗಳ ಒಳಗೆ ಆಕ್ಷೇಪಣೆ ಸಲ್ಲಿಸುವಂತೆ ಸೂಚಿಸಿದೆ. ಅರ್ಜಿದಾರರ ಪರ ಹಿರಿಯ ವಕೀಲರು ವಾದ ಮಂಡಿಸಿದರು. ಮುಂದಿನ ವಿಚಾರಣೆ ನವೆಂಬರ್ 11, 12ಕ್ಕೆ ನಿಗದಿಯಾಗಿದೆ.

ಈ ಕುರಿತು ಸುದ್ದಿಗಾರರೊಂದಿಗೆ ಮಾತನಾಡಿದ ಅವರು, ವರಿಷ್ಠರು ನೀಡುವ ಯಾವುದೇ ಜವಾಬ್ದಾರಿಯನ್ನು ನಿಭಾಯಿಸಲು ಸಿದ್ಧ ಎಂದರು. ಸರ್ಕಾರದ ಅಭಿವೃದ್ಧಿ ಕಾರ್ಯಗಳ ಬಗ್ಗೆ ಜನರಲ್ಲಿ ಒಳ್ಳೆಯ ಅಭಿಪ್ರಾಯವಿದೆ. ಗ್ಯಾರಂಟಿ ಯೋಜನೆಗಳು ಮನೆ ಮನೆ ತಲುಪಿವೆ ಎಂದು ವಿವರಿಸಿದರು.

ಬಸ್‌ಗಳ ಸುರಕ್ಷತೆ ಕುರಿತು ಪರಿಶೀಲನೆ ನಡೆಸಿ

ಪೊಲೀಸರು ಪ್ರಕರಣ ದಾಖಲಿಸಿಕೊಂಡು ತನಿಖೆ ಕೈಗೊಂಡಿದ್ದಾರೆ. ಘಟನೆಯ ಬಗ್ಗೆ ಸ್ಥಳೀಯರಲ್ಲಿ ತೀವ್ರ ಆತಂಕ ವ್ಯಕ್ತವಾಗಿದ್ದು, ಹೆಚ್ಚಿನ ಭದ್ರತೆ ಒದಗಿಸುವಂತೆ ಒತ್ತಾಯಿಸಿದ್ದಾರೆ. ಆರೋಪಿಗಳ ಪತ್ತೆಗೆ ವಿಶೇಷ ತಂಡ ರಚಿಸಲಾಗಿದೆ ಎಂದು ಅಧಿಕಾರಿಗಳು ತಿಳಿಸಿದ್ದಾರೆ.

ವಿಚಾರಣೆ ನಡೆಸಿದ ನ್ಯಾಯಪೀಠ, ಸಂಬಂಧಪಟ್ಟ ಇಲಾಖೆಗಳಿಗೆ ನೋಟಿಸ್ ಜಾರಿ ಮಾಡಿ ನಾಲ್ಕು ವಾರಗಳ ಒಳಗೆ ಆಕ್ಷೇಪಣೆ ಸಲ್ಲಿಸುವಂತೆ ಸೂಚಿಸಿದೆ. ಅರ್ಜಿದಾರರ ಪರ ಹಿರಿಯ ವಕೀಲರು ವಾದ ಮಂಡಿಸಿದರು. ಮುಂದಿನ ವಿಚಾರಣೆ ನವೆಂಬರ್ 11, 12ಕ್ಕೆ ನಿಗದಿಯಾಗಿದೆ.

ಪಕ್ಷದ ಸಂಘಟನೆಗೆ ಹಲವು ವರ್ಷಗಳಿಂದ ದುಡಿದಿರುವ ಕಾರ್ಯಕರ್ತರಿಗೆ ಈ ಬಾರಿ ಅವಕಾಶ ನೀಡಬೇಕು ಎಂಬ ಒತ್ತಾಯ ಕೇಳಿಬಂದಿದೆ. ವರಿಷ್ಠರ ಮಟ್ಟದಲ್ಲಿ ಚರ್ಚೆ ನಡೆದಿದ್ದು, ಶೀಘ್ರದಲ್ಲೇ ಅಂತಿಮ ತೀರ್ಮಾನ ಪ್ರಕಟವಾಗುವ ಸಾಧ್ಯತೆ ಇದೆ ಎಂದು ಮೂಲಗಳು ಹೇಳಿವೆ.

ಈ ಕುರಿತು ಸುದ್ದಿಗಾರರೊಂದಿಗೆ ಮಾತನಾಡಿದ ಅವರು, ವರಿಷ್ಠರು ನೀಡುವ ಯಾವುದೇ ಜವಾಬ್ದಾರಿಯನ್ನು ನಿಭಾಯಿಸಲು ಸಿದ್ಧ ಎಂದರು. ಸರ್ಕಾರದ ಅಭಿವೃದ್ಧಿ ಕಾರ್ಯಗಳ ಬಗ್ಗೆ ಜನರಲ್ಲಿ ಒಳ್ಳೆಯ ಅಭಿಪ್ರಾಯವಿದೆ. ಗ್ಯಾರಂಟಿ ಯೋಜನೆಗಳು ಮನೆ ಮನೆ ತಲುಪಿವೆ ಎಂದು ವಿವರಿಸಿದರು.

ಬೆಂಗಳೂರು: ರಾಜ್ಯ ರಾಜಕಾರಣದಲ್ಲಿ ಮುಖ್ಯಮಂತ್ರಿ ಬದಲಾವಣೆ ಕುರಿತ ಚರ್ಚೆ ಮತ್ತೆ ಮುನ್ನೆಲೆಗೆ ಬಂದಿದ್ದು, ಈ ಬಗ್ಗೆ ಹಿರಿಯ ನಾಯಕರು ವಿಭಿನ್ನ ಹೇಳಿಕೆ ನೀಡುತ್ತಿದ್ದಾರೆ. ಹೈಕಮಾಂಡ್ ತೀರ್ಮಾನವೇ ಅಂತಿಮ ಎಂದು ಹಲವರು ಪ್ರತಿಕ್ರಿಯಿಸಿದ್ದಾರೆ.
